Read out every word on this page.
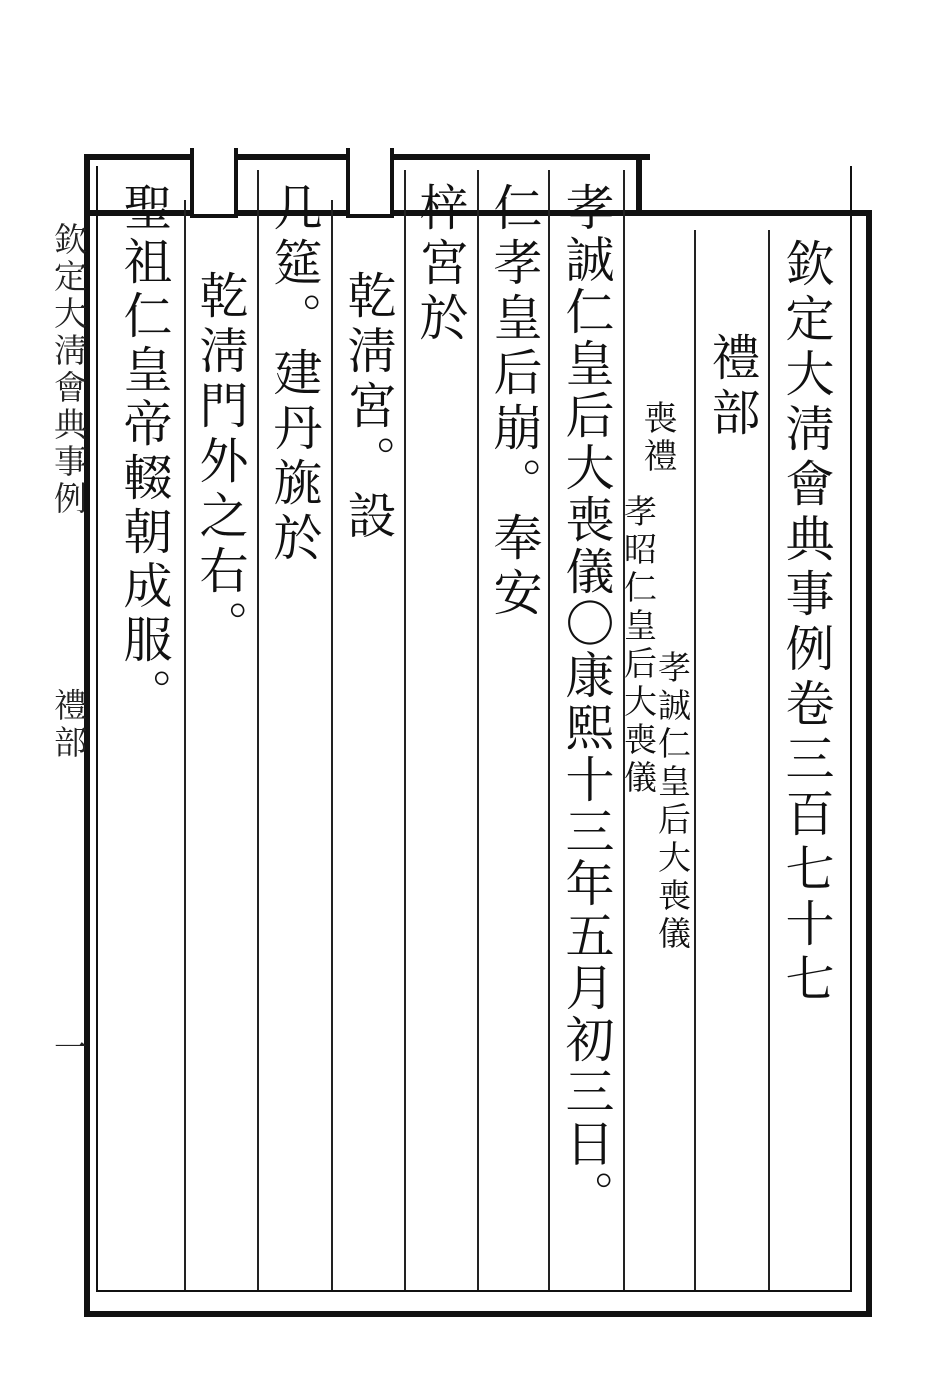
欽定大淸會典事例卷三百七十七
禮部
喪禮
孝誠仁皇后大喪儀
孝昭仁皇后大喪儀
孝誠仁皇后大喪儀〇康熙十三年五月初三日。
仁孝皇后崩。奉安
梓宮於
乾淸宮。設
几筵。建丹旐於
乾淸門外之右。
聖祖仁皇帝輟朝成服。
欽定大淸會典事例
禮部
一
